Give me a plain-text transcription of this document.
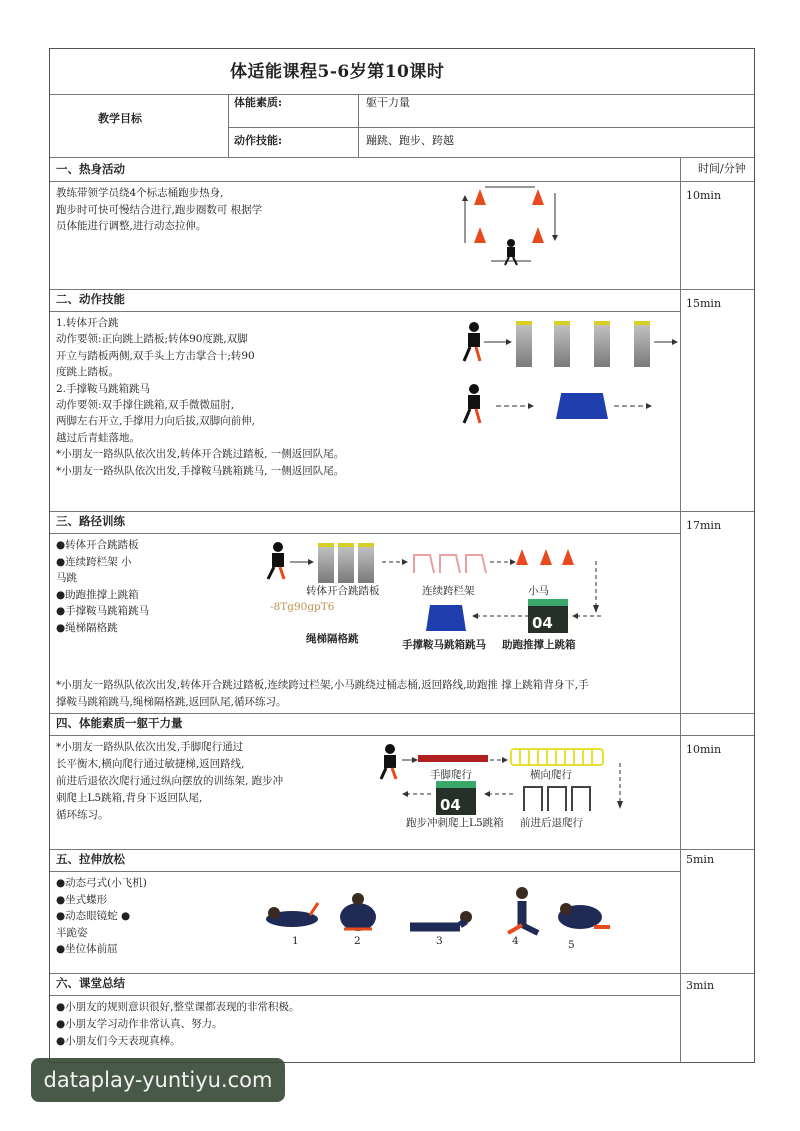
体适能课程5-6岁第10课时
教学目标
体能素质:	躯干力量
动作技能:	蹦跳、跑步、跨越
时间/分钟
一、热身活动
10min
教练带领学员绕4个标志桶跑步热身,
跑步时可快可慢结合进行,跑步圈数可 根据学
员体能进行调整,进行动态拉伸。
二、动作技能	15min
1.转体开合跳
动作要领:正向跳上踏板;转体90度跳,双脚
开立与踏板两侧,双手头上方击掌合十;转90
度跳上踏板。
2.手撑鞍马跳箱跳马
动作要领:双手撑住跳箱,双手微微屈肘,
两脚左右开立,手撑用力向后拔,双脚向前伸,
越过后青蛙落地。
*小朋友一路纵队依次出发,转体开合跳过踏板, 一侧返回队尾。
*小朋友一路纵队依次出发,手撑鞍马跳箱跳马, 一侧返回队尾。
三、路径训练	17min
●转体开合跳踏板
●连续跨栏架 小
马跳
●助跑推撑上跳箱
●手撑鞍马跳箱跳马
●绳梯隔格跳
转体开合跳踏板	连续跨栏架	小马
-8Tg90gpT6
04
绳梯隔格跳	手撑鞍马跳箱跳马 助跑推撑上跳箱
*小朋友一路纵队依次出发,转体开合跳过踏板,连续跨过栏架,小马跳绕过桶志桶,返回路线,助跑推 撑上跳箱背身下,手
撑鞍马跳箱跳马,绳梯隔格跳,返回队尾,循环练习。
四、体能素质一躯干力量
10min
*小朋友一路纵队依次出发,手脚爬行通过
长平衡木,横向爬行通过敏捷梯,返回路线,
前进后退依次爬行通过纵向摆放的训练架, 跑步冲
刺爬上L5跳箱,背身下返回队尾,
循环练习。
手脚爬行	横向爬行
04
跑步冲刺爬上L5跳箱 前进后退爬行
五、拉伸放松	5min
●动态弓式(小飞机)
●坐式蝶形
●动态眼镜蛇 ●
半跪姿
●坐位体前屈
1	2	3	4	5
六、课堂总结	3min
●小朋友的规则意识很好,整堂课都表现的非常积极。
●小朋友学习动作非常认真、努力。
●小朋友们今天表现真棒。
dataplay-yuntiyu.com
